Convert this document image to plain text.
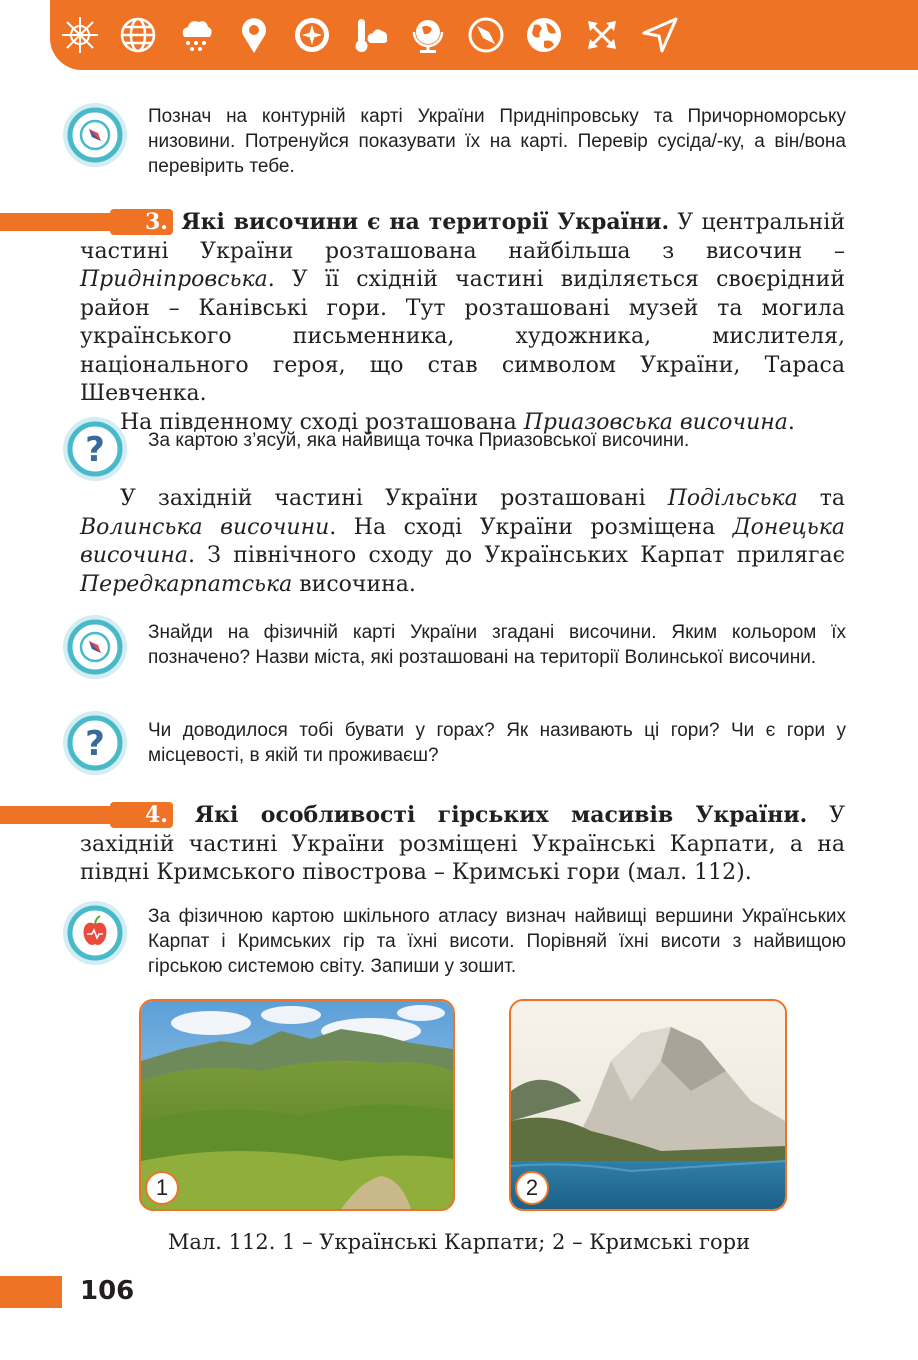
Познач на контурній карті України Придніпровську та Причорноморську низовини. Потренуйся показувати їх на карті. Перевір сусіда/-ку, а він/вона перевірить тебе.

3. Які височини є на території України. У центральній частині України розташована найбільша з височин – Придніпровська. У її східній частині виділяється своєрідний район – Канівські гори. Тут розташовані музей та могила українського письменника, художника, мислителя, національного героя, що став символом України, Тараса Шевченка.

На південному сході розташована Приазовська височина.

? За картою з’ясуй, яка найвища точка Приазовської височини.

У західній частині України розташовані Подільська та Волинська височини. На сході України розміщена Донецька височина. З північного сходу до Українських Карпат прилягає Передкарпатська височина.

Знайди на фізичній карті України згадані височини. Яким кольором їх позначено? Назви міста, які розташовані на території Волинської височини.
? Чи доводилося тобі бувати у горах? Як називають ці гори? Чи є гори у місцевості, в якій ти проживаєш?

4. Які особливості гірських масивів України. У західній частині України розміщені Українські Карпати, а на півдні Кримського півострова – Кримські гори (мал. 112).

За фізичною картою шкільного атласу визнач найвищі вершини Українських Карпат і Кримських гір та їхні висоти. Порівняй їхні висоти з найвищою гірською системою світу. Запиши у зошит.
1	2
Мал. 112. 1 – Українські Карпати; 2 – Кримські гори
106
